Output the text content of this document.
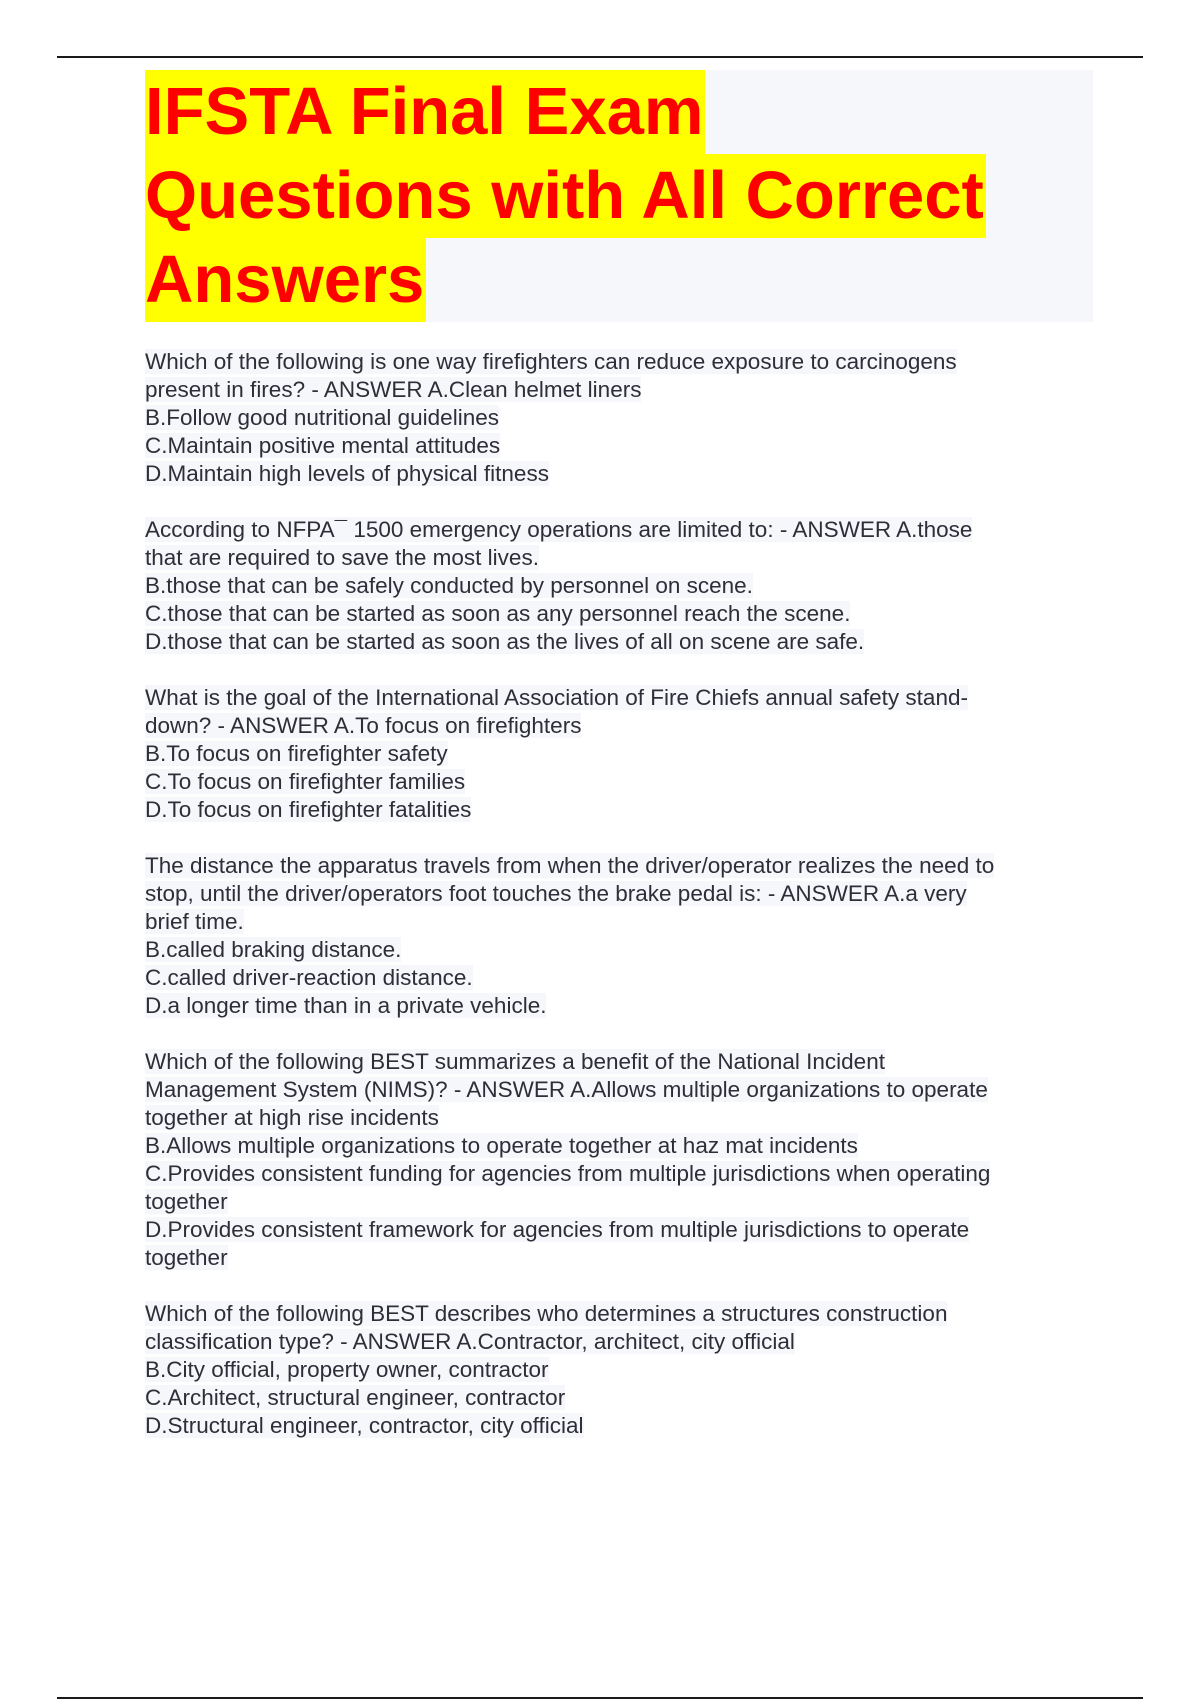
IFSTA Final Exam
Questions with All Correct
Answers
Which of the following is one way firefighters can reduce exposure to carcinogens
present in fires? - ANSWER A.Clean helmet liners
B.Follow good nutritional guidelines
C.Maintain positive mental attitudes
D.Maintain high levels of physical fitness
According to NFPA¯ 1500 emergency operations are limited to: - ANSWER A.those
that are required to save the most lives.
B.those that can be safely conducted by personnel on scene.
C.those that can be started as soon as any personnel reach the scene.
D.those that can be started as soon as the lives of all on scene are safe.
What is the goal of the International Association of Fire Chiefs annual safety stand-
down? - ANSWER A.To focus on firefighters
B.To focus on firefighter safety
C.To focus on firefighter families
D.To focus on firefighter fatalities
The distance the apparatus travels from when the driver/operator realizes the need to
stop, until the driver/operators foot touches the brake pedal is: - ANSWER A.a very
brief time.
B.called braking distance.
C.called driver-reaction distance.
D.a longer time than in a private vehicle.
Which of the following BEST summarizes a benefit of the National Incident
Management System (NIMS)? - ANSWER A.Allows multiple organizations to operate
together at high rise incidents
B.Allows multiple organizations to operate together at haz mat incidents
C.Provides consistent funding for agencies from multiple jurisdictions when operating
together
D.Provides consistent framework for agencies from multiple jurisdictions to operate
together
Which of the following BEST describes who determines a structures construction
classification type? - ANSWER A.Contractor, architect, city official
B.City official, property owner, contractor
C.Architect, structural engineer, contractor
D.Structural engineer, contractor, city official
